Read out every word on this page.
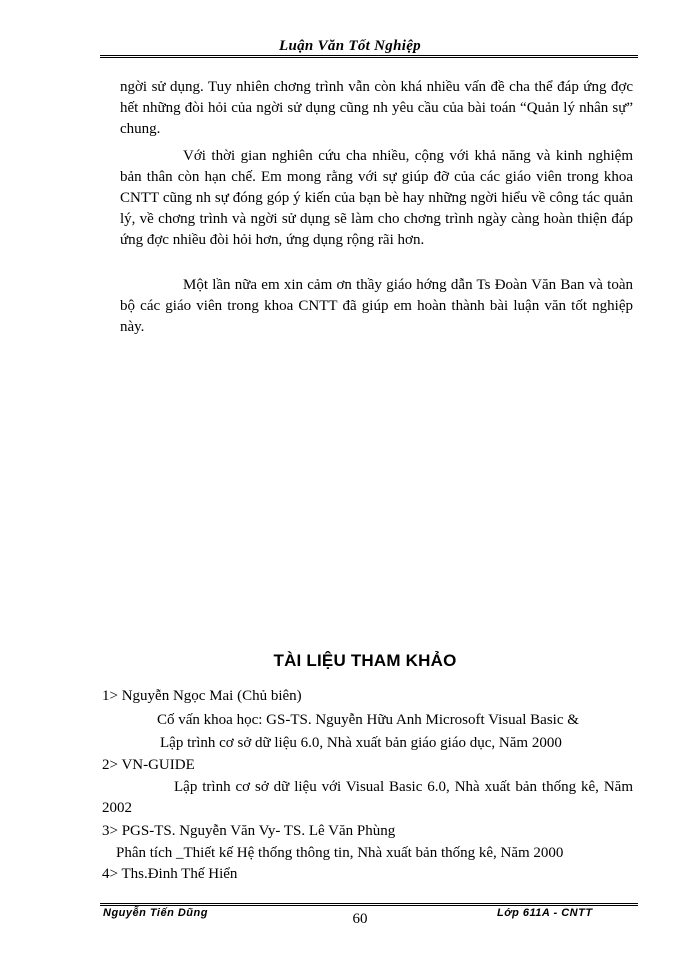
Luận Văn Tốt Nghiệp
ngời sử dụng. Tuy nhiên chơng trình vẫn còn khá nhiều vấn đề cha thể đáp ứng đợc hết những đòi hỏi của ngời sử dụng cũng nh yêu cầu của bài toán “Quản lý nhân sự” chung.
Với thời gian nghiên cứu cha nhiều, cộng với khả năng và kinh nghiệm bản thân còn hạn chế. Em mong rằng với sự giúp đỡ của các giáo viên trong khoa CNTT cũng nh sự đóng góp ý kiến của bạn bè hay những ngời hiểu về công tác quản lý, về chơng trình và ngời sử dụng sẽ làm cho chơng trình ngày càng hoàn thiện đáp ứng đợc nhiều đòi hỏi hơn, ứng dụng rộng rãi hơn.
Một lần nữa em xin cảm ơn thầy giáo hớng dẫn Ts Đoàn Văn Ban và toàn bộ các giáo viên trong khoa CNTT đã giúp em hoàn thành bài luận văn tốt nghiệp này.
TÀI LIỆU THAM KHẢO
1> Nguyễn Ngọc Mai (Chủ biên)
Cố vấn khoa học: GS-TS. Nguyễn Hữu Anh Microsoft Visual Basic &
Lập trình cơ sở dữ liệu 6.0, Nhà xuất bản giáo giáo dục, Năm 2000
2> VN-GUIDE
Lập trình cơ sở dữ liệu với Visual Basic 6.0, Nhà xuất bản thống kê, Năm 2002
3> PGS-TS. Nguyễn Văn Vy- TS. Lê Văn Phùng
Phân tích _Thiết kế Hệ thống thông tin, Nhà xuất bản thống kê, Năm 2000
4> Ths.Đinh Thế Hiển
Nguyễn Tiến Dũng	60	Lớp 611A - CNTT
